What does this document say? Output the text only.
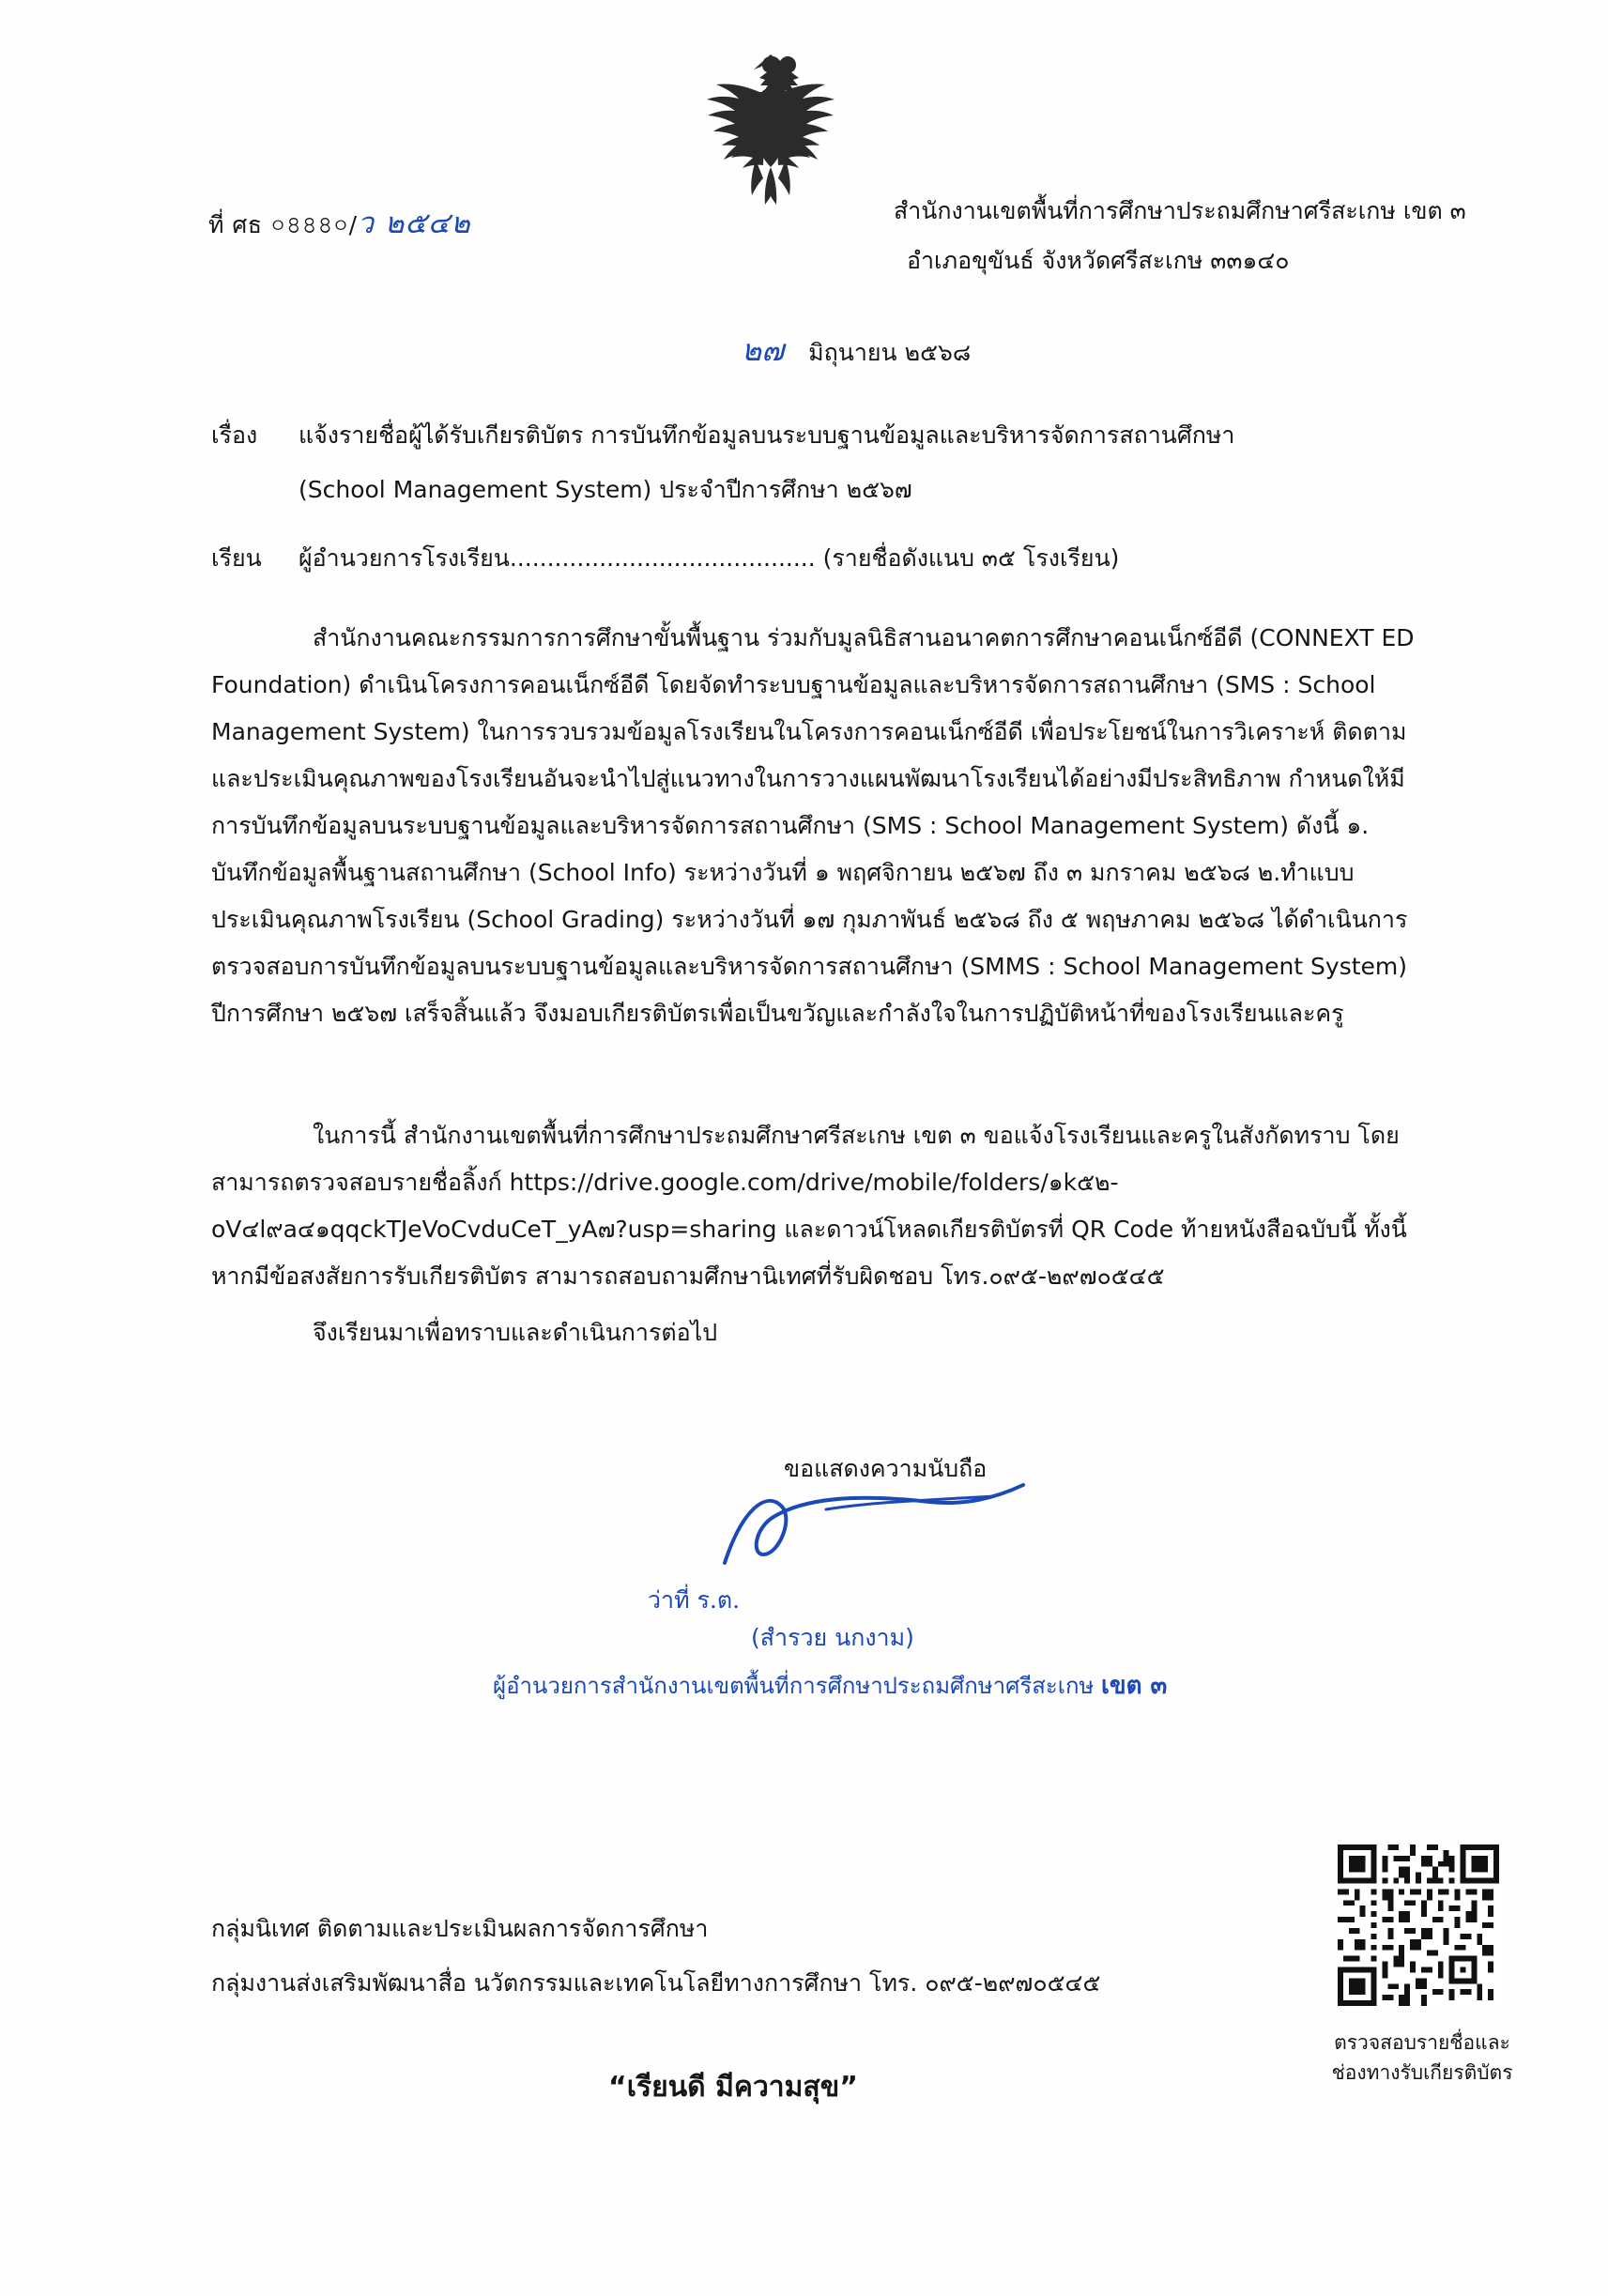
ที่ ศธ ০৪৪৪০/ว ๒๕๔๒	สำนักงานเขตพื้นที่การศึกษาประถมศึกษาศรีสะเกษ เขต ๓
อำเภอขุขันธ์ จังหวัดศรีสะเกษ ๓๓๑๔๐
๒๗ มิถุนายน ๒๕๖๘
เรื่อง แจ้งรายชื่อผู้ได้รับเกียรติบัตร การบันทึกข้อมูลบนระบบฐานข้อมูลและบริหารจัดการสถานศึกษา
(School Management System) ประจำปีการศึกษา ๒๕๖๗
เรียน ผู้อำนวยการโรงเรียน......................................... (รายชื่อดังแนบ ๓๕ โรงเรียน)
สำนักงานคณะกรรมการการศึกษาขั้นพื้นฐาน ร่วมกับมูลนิธิสานอนาคตการศึกษาคอนเน็กซ์อีดี (CONNEXT ED Foundation) ดำเนินโครงการคอนเน็กซ์อีดี โดยจัดทำระบบฐานข้อมูลและบริหารจัดการสถานศึกษา (SMS : School Management System) ในการรวบรวมข้อมูลโรงเรียนในโครงการคอนเน็กซ์อีดี เพื่อประโยชน์ในการวิเคราะห์ ติดตาม และประเมินคุณภาพของโรงเรียนอันจะนำไปสู่แนวทางในการวางแผนพัฒนาโรงเรียนได้อย่างมีประสิทธิภาพ กำหนดให้มีการบันทึกข้อมูลบนระบบฐานข้อมูลและบริหารจัดการสถานศึกษา (SMS : School Management System) ดังนี้ ๑. บันทึกข้อมูลพื้นฐานสถานศึกษา (School Info) ระหว่างวันที่ ๑ พฤศจิกายน ๒๕๖๗ ถึง ๓ มกราคม ๒๕๖๘ ๒.ทำแบบประเมินคุณภาพโรงเรียน (School Grading) ระหว่างวันที่ ๑๗ กุมภาพันธ์ ๒๕๖๘ ถึง ๕ พฤษภาคม ๒๕๖๘ ได้ดำเนินการตรวจสอบการบันทึกข้อมูลบนระบบฐานข้อมูลและบริหารจัดการสถานศึกษา (SMMS : School Management System) ปีการศึกษา ๒๕๖๗ เสร็จสิ้นแล้ว จึงมอบเกียรติบัตรเพื่อเป็นขวัญและกำลังใจในการปฏิบัติหน้าที่ของโรงเรียนและครู
ในการนี้ สำนักงานเขตพื้นที่การศึกษาประถมศึกษาศรีสะเกษ เขต ๓ ขอแจ้งโรงเรียนและครูในสังกัดทราบ โดยสามารถตรวจสอบรายชื่อลิ้งก์ https://drive.google.com/drive/mobile/folders/๑k๕๒-oV๔l๙a๔๑qqckTJeVoCvduCeT_yA๗?usp=sharing และดาวน์โหลดเกียรติบัตรที่ QR Code ท้ายหนังสือฉบับนี้ ทั้งนี้ หากมีข้อสงสัยการรับเกียรติบัตร สามารถสอบถามศึกษานิเทศที่รับผิดชอบ โทร.๐๙๕-๒๙๗๐๕๔๕
จึงเรียนมาเพื่อทราบและดำเนินการต่อไป
ขอแสดงความนับถือ
ว่าที่ ร.ต.
(สำรวย นกงาม)
ผู้อำนวยการสำนักงานเขตพื้นที่การศึกษาประถมศึกษาศรีสะเกษ เขต ๓
กลุ่มนิเทศ ติดตามและประเมินผลการจัดการศึกษา
กลุ่มงานส่งเสริมพัฒนาสื่อ นวัตกรรมและเทคโนโลยีทางการศึกษา โทร. ๐๙๕-๒๙๗๐๕๔๕
“เรียนดี มีความสุข”
ตรวจสอบรายชื่อและ
ช่องทางรับเกียรติบัตร
